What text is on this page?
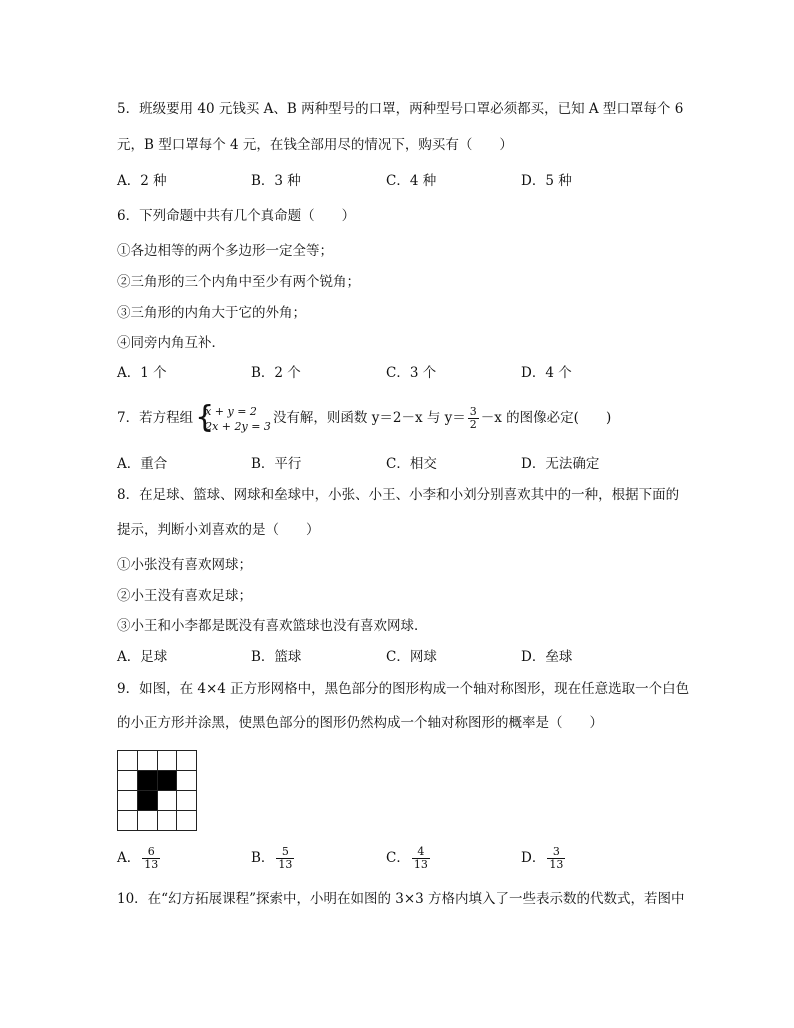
5．班级要用 40 元钱买 A、B 两种型号的口罩，两种型号口罩必须都买，已知 A 型口罩每个 6
元，B 型口罩每个 4 元，在钱全部用尽的情况下，购买有（　　）
A．2 种	B．3 种	C．4 种	D．5 种
6．下列命题中共有几个真命题（　　）
①各边相等的两个多边形一定全等；
②三角形的三个内角中至少有两个锐角；
③三角形的内角大于它的外角；
④同旁内角互补．
A．1 个	B．2 个	C．3 个	D．4 个
7．若方程组 {
x + y = 2
2x + 2y = 3 没有解，则函数 y＝2－x 与 $y= \frac{3}{2} -x$ 的图像必定(　　)
A．重合	B．平行	C．相交	D．无法确定
8．在足球、篮球、网球和垒球中，小张、小王、小李和小刘分别喜欢其中的一种，根据下面的
提示，判断小刘喜欢的是（　　）
①小张没有喜欢网球；
②小王没有喜欢足球；
③小王和小李都是既没有喜欢篮球也没有喜欢网球．
A．足球	B．篮球	C．网球	D．垒球
9．如图，在 4×4 正方形网格中，黑色部分的图形构成一个轴对称图形，现在任意选取一个白色
的小正方形并涂黑，使黑色部分的图形仍然构成一个轴对称图形的概率是（　　）

A． $\frac{6}{13}$	B． $\frac{5}{13}$	C． $\frac{4}{13}$	D． $\frac{3}{13}$
10．在“幻方拓展课程”探索中，小明在如图的 3×3 方格内填入了一些表示数的代数式，若图中
